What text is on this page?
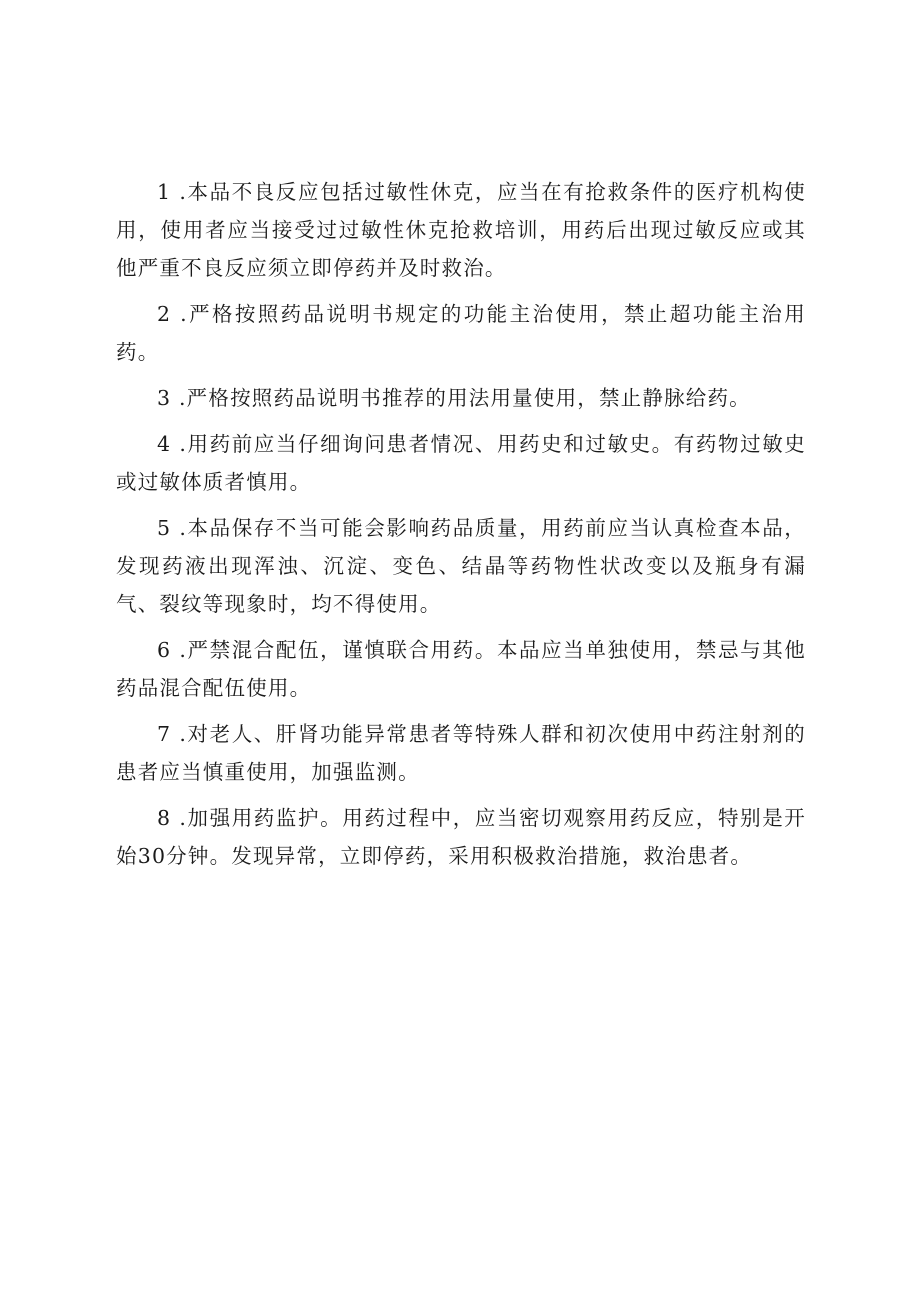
1 .本品不良反应包括过敏性休克，应当在有抢救条件的医疗机构使用，使用者应当接受过过敏性休克抢救培训，用药后出现过敏反应或其他严重不良反应须立即停药并及时救治。

2 .严格按照药品说明书规定的功能主治使用，禁止超功能主治用药。

3 .严格按照药品说明书推荐的用法用量使用，禁止静脉给药。

4 .用药前应当仔细询问患者情况、用药史和过敏史。有药物过敏史或过敏体质者慎用。

5 .本品保存不当可能会影响药品质量，用药前应当认真检查本品，发现药液出现浑浊、沉淀、变色、结晶等药物性状改变以及瓶身有漏气、裂纹等现象时，均不得使用。

6 .严禁混合配伍，谨慎联合用药。本品应当单独使用，禁忌与其他药品混合配伍使用。

7 .对老人、肝肾功能异常患者等特殊人群和初次使用中药注射剂的患者应当慎重使用，加强监测。

8 .加强用药监护。用药过程中，应当密切观察用药反应，特别是开始30分钟。发现异常，立即停药，采用积极救治措施，救治患者。
